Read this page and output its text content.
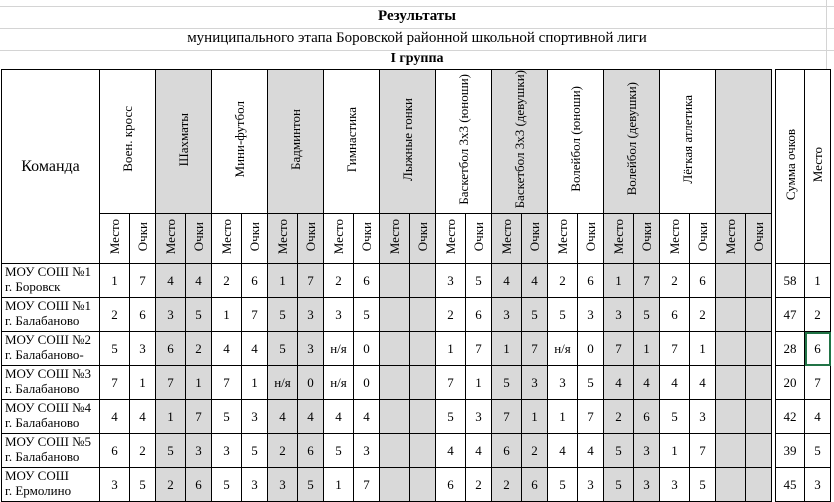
Результаты
муниципального этапа Боровской районной школьной спортивной лиги
I группа
Команда	Воен. кросс		Шахматы		Мини-футбол		Бадминтон		Гимнастика		Лыжные гонки		Баскетбол 3х3 (юноши)		Баскетбол 3х3 (девушки)		Волейбол (юноши)		Волейбол (девушки)		Лёгкая атлетика					Сумма очков	Место
	Место	Очки	Место	Очки	Место	Очки	Место	Очки	Место	Очки	Место	Очки	Место	Очки	Место	Очки	Место	Очки	Место	Очки	Место	Очки	Место	Очки			

МОУ СОШ №1
г. Боровск	1	7	4	4	2	6	1	7	2	6			3	5	4	4	2	6	1	7	2	6				58	1

МОУ СОШ №1
г. Балабаново	2	6	3	5	1	7	5	3	3	5			2	6	3	5	5	3	3	5	6	2				47	2

МОУ СОШ №2
г. Балабаново-	5	3	6	2	4	4	5	3	н/я	0			1	7	1	7	н/я	0	7	1	7	1				28	6

МОУ СОШ №3
г. Балабаново	7	1	7	1	7	1	н/я	0	н/я	0			7	1	5	3	3	5	4	4	4	4				20	7

МОУ СОШ №4
г. Балабаново	4	4	1	7	5	3	4	4	4	4			5	3	7	1	1	7	2	6	5	3				42	4

МОУ СОШ №5
г. Балабаново	6	2	5	3	3	5	2	6	5	3			4	4	6	2	4	4	5	3	1	7				39	5

МОУ СОШ
г. Ермолино	3	5	2	6	5	3	3	5	1	7			6	2	2	6	5	3	5	3	3	5				45	3
